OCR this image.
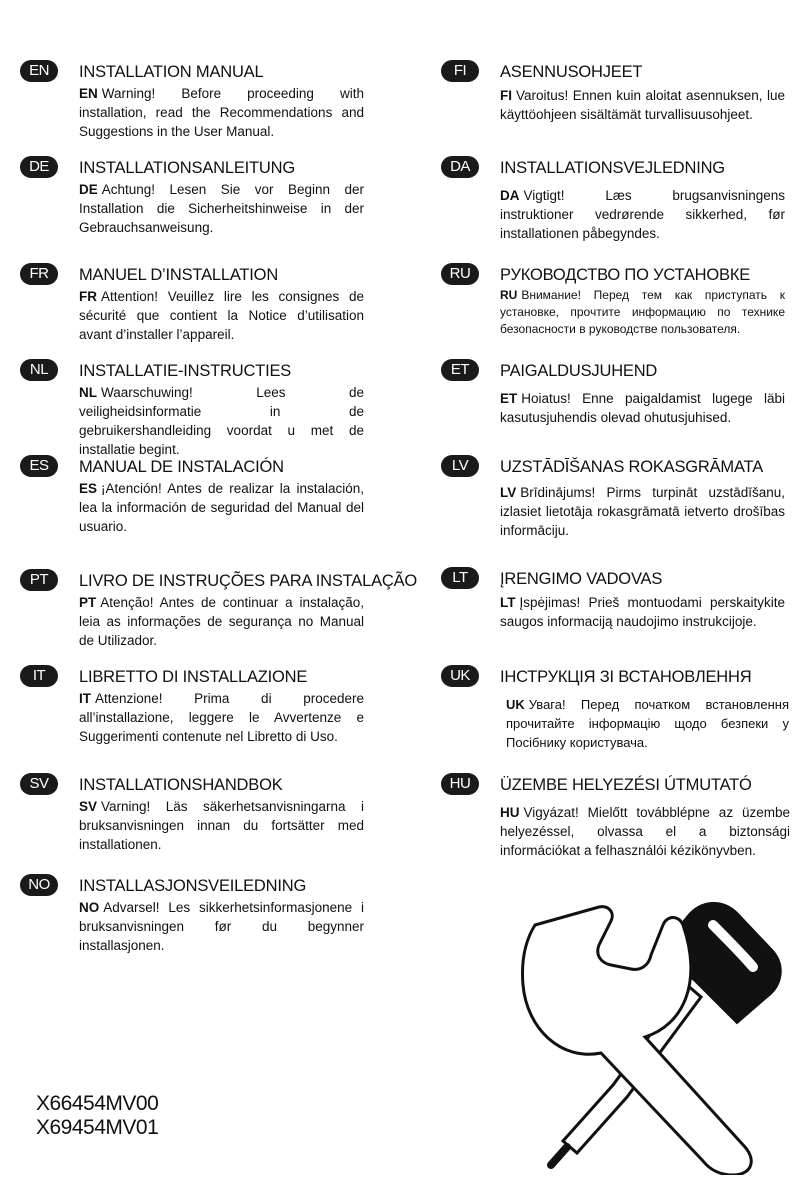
EN	INSTALLATION MANUAL
EN Warning! Before proceeding with installation, read the Recommendations and Suggestions in the User Manual.
DE	INSTALLATIONSANLEITUNG
DE Achtung! Lesen Sie vor Beginn der Installation die Sicherheitshinweise in der Gebrauchsanweisung.
FR	MANUEL D’INSTALLATION
FR Attention! Veuillez lire les consignes de sécurité que contient la Notice d’utilisation avant d’installer l’appareil.
NL	INSTALLATIE-INSTRUCTIES
NL Waarschuwing! Lees de veiligheidsinformatie in de gebruikershandleiding voordat u met de installatie begint.
ES	MANUAL DE INSTALACIÓN
ES ¡Atención! Antes de realizar la instalación, lea la información de seguridad del Manual del usuario.
PT	LIVRO DE INSTRUÇÕES PARA INSTALAÇÃO
PT Atenção! Antes de continuar a instalação, leia as informações de segurança no Manual de Utilizador.
IT	LIBRETTO DI INSTALLAZIONE
IT Attenzione! Prima di procedere all’installazione, leggere le Avvertenze e Suggerimenti contenute nel Libretto di Uso.
SV	INSTALLATIONSHANDBOK
SV Varning! Läs säkerhetsanvisningarna i bruksanvisningen innan du fortsätter med installationen.
NO	INSTALLASJONSVEILEDNING
NO Advarsel! Les sikkerhetsinformasjonene i bruksanvisningen før du begynner installasjonen.
FI	ASENNUSOHJEET
FI Varoitus! Ennen kuin aloitat asennuksen, lue käyttöohjeen sisältämät turvallisuusohjeet.
DA	INSTALLATIONSVEJLEDNING
DA Vigtigt! Læs brugsanvisningens instruktioner vedrørende sikkerhed, før installationen påbegyndes.
RU	РУКОВОДСТВО ПО УСТАНОВКЕ
RU Внимание! Перед тем как приступать к установке, прочтите информацию по технике безопасности в руководстве пользователя.
ET	PAIGALDUSJUHEND
ET Hoiatus! Enne paigaldamist lugege läbi kasutusjuhendis olevad ohutusjuhised.
LV	UZSTĀDĪŠANAS ROKASGRĀMATA
LV Brīdinājums! Pirms turpināt uzstādīšanu, izlasiet lietotāja rokasgrāmatā ietverto drošības informāciju.
LT	ĮRENGIMO VADOVAS
LT Įspėjimas! Prieš montuodami perskaitykite saugos informaciją naudojimo instrukcijoje.
UK	ІНСТРУКЦІЯ ЗІ ВСТАНОВЛЕННЯ
UK Увага! Перед початком встановлення прочитайте інформацію щодо безпеки у Посібнику користувача.
HU	ÜZEMBE HELYEZÉSI ÚTMUTATÓ
HU Vigyázat! Mielőtt továbblépne az üzembe helyezéssel, olvassa el a biztonsági információkat a felhasználói kézikönyvben.
X66454MV00
X69454MV01
